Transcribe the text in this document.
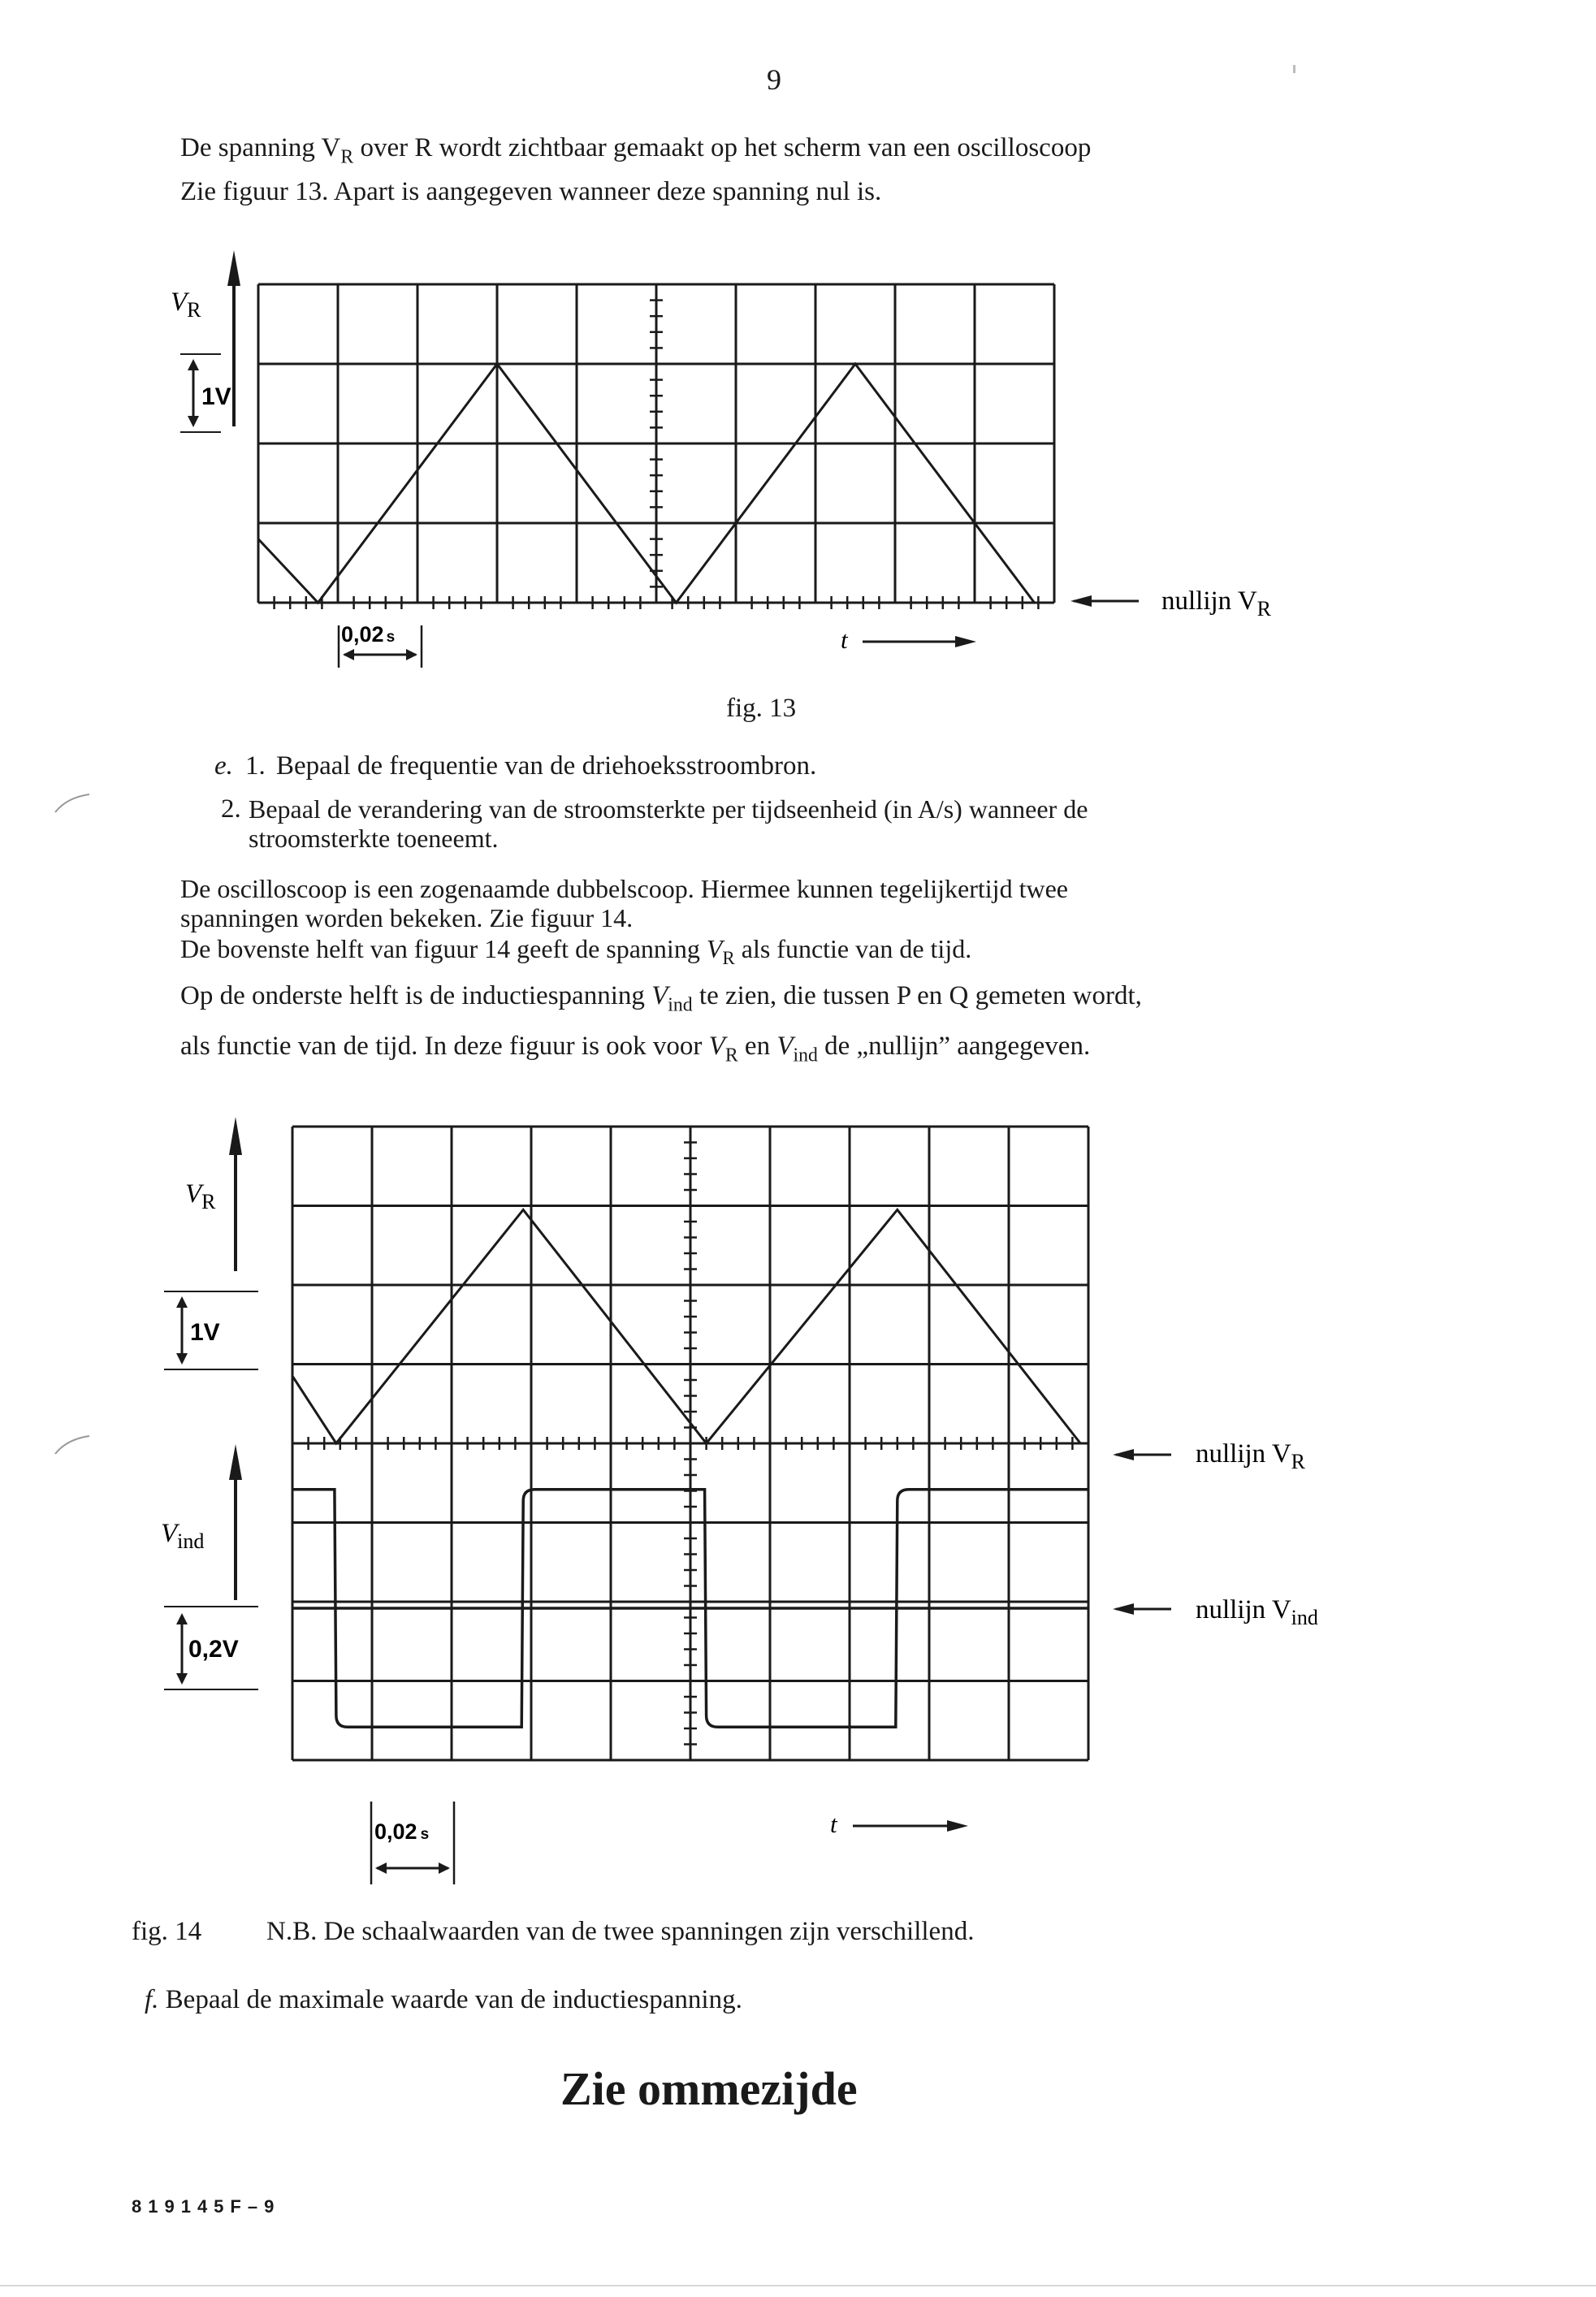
9
De spanning $V_R$ over R wordt zichtbaar gemaakt op het scherm van een oscilloscoop
Zie figuur 13. Apart is aangegeven wanneer deze spanning nul is.
$V_R$
1V
0,02 s	t
nullijn $V_R$
fig. 13
e. 1. Bepaal de frequentie van de driehoeksstroombron.
2. Bepaal de verandering van de stroomsterkte per tijdseenheid (in A/s) wanneer de
stroomsterkte toeneemt.
De oscilloscoop is een zogenaamde dubbelscoop. Hiermee kunnen tegelijkertijd twee
spanningen worden bekeken. Zie figuur 14.
De bovenste helft van figuur 14 geeft de spanning $V_R$ als functie van de tijd.
Op de onderste helft is de inductiespanning $V_{ind}$ te zien, die tussen P en Q gemeten wordt,
als functie van de tijd. In deze figuur is ook voor $V_R$ en $V_{ind}$ de „nullijn” aangegeven.
$V_R$
1V
$V_{ind}$
0,2V
0,02 s	t
nullijn $V_R$
nullijn $V_{ind}$
fig. 14 N.B. De schaalwaarden van de twee spanningen zijn verschillend.
f. Bepaal de maximale waarde van de inductiespanning.
Zie ommezijde
819145F–9
